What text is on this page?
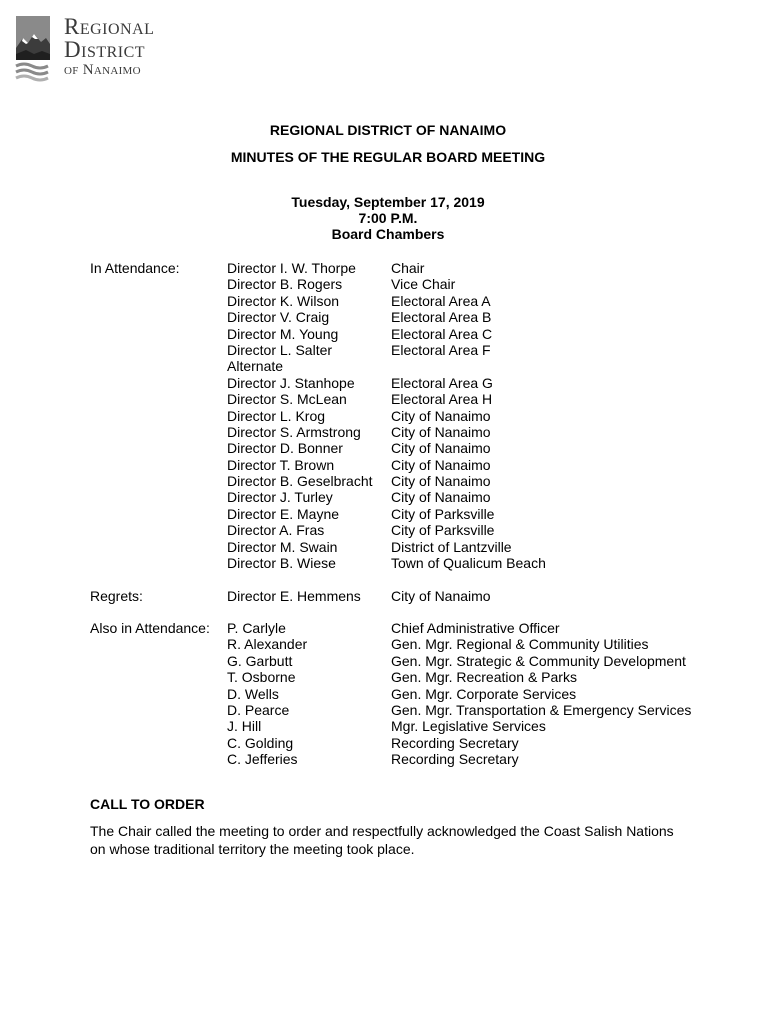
Regional
District
of Nanaimo
REGIONAL DISTRICT OF NANAIMO
MINUTES OF THE REGULAR BOARD MEETING
Tuesday, September 17, 2019
7:00 P.M.
Board Chambers
In Attendance:	Director I. W. Thorpe
Director B. Rogers
Director K. Wilson
Director V. Craig
Director M. Young
Director L. Salter
Alternate
Director J. Stanhope
Director S. McLean
Director L. Krog
Director S. Armstrong
Director D. Bonner
Director T. Brown
Director B. Geselbracht
Director J. Turley
Director E. Mayne
Director A. Fras
Director M. Swain
Director B. Wiese
Chair
Vice Chair
Electoral Area A
Electoral Area B
Electoral Area C
Electoral Area F
Electoral Area G
Electoral Area H
City of Nanaimo
City of Nanaimo
City of Nanaimo
City of Nanaimo
City of Nanaimo
City of Nanaimo
City of Parksville
City of Parksville
District of Lantzville
Town of Qualicum Beach
Regrets:	Director E. Hemmens City of Nanaimo
Also in Attendance: P. Carlyle
R. Alexander
G. Garbutt
T. Osborne
D. Wells
D. Pearce
J. Hill
C. Golding
C. Jefferies
Chief Administrative Officer
Gen. Mgr. Regional & Community Utilities
Gen. Mgr. Strategic & Community Development
Gen. Mgr. Recreation & Parks
Gen. Mgr. Corporate Services
Gen. Mgr. Transportation & Emergency Services
Mgr. Legislative Services
Recording Secretary
Recording Secretary
CALL TO ORDER
The Chair called the meeting to order and respectfully acknowledged the Coast Salish Nations
on whose traditional territory the meeting took place.
